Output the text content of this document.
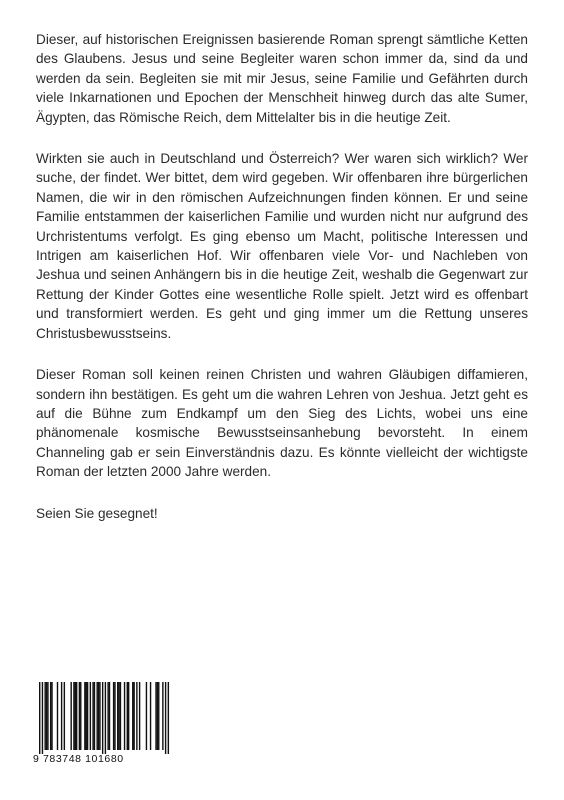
Dieser, auf historischen Ereignissen basierende Roman sprengt sämtliche Ketten des Glaubens. Jesus und seine Begleiter waren schon immer da, sind da und werden da sein. Begleiten sie mit mir Jesus, seine Familie und Gefährten durch viele Inkarnationen und Epochen der Menschheit hinweg durch das alte Sumer, Ägypten, das Römische Reich, dem Mittelalter bis in die heutige Zeit.

Wirkten sie auch in Deutschland und Österreich? Wer waren sich wirklich? Wer suche, der findet. Wer bittet, dem wird gegeben. Wir offenbaren ihre bürgerlichen Namen, die wir in den römischen Aufzeichnungen finden können. Er und seine Familie entstammen der kaiserlichen Familie und wurden nicht nur aufgrund des Urchristentums verfolgt. Es ging ebenso um Macht, politische Interessen und Intrigen am kaiserlichen Hof. Wir offenbaren viele Vor- und Nachleben von Jeshua und seinen Anhängern bis in die heutige Zeit, weshalb die Gegenwart zur Rettung der Kinder Gottes eine wesentliche Rolle spielt. Jetzt wird es offenbart und transformiert werden. Es geht und ging immer um die Rettung unseres Christusbewusstseins.

Dieser Roman soll keinen reinen Christen und wahren Gläubigen diffamieren, sondern ihn bestätigen. Es geht um die wahren Lehren von Jeshua. Jetzt geht es auf die Bühne zum Endkampf um den Sieg des Lichts, wobei uns eine phänomenale kosmische Bewusstseinsanhebung bevorsteht. In einem Channeling gab er sein Einverständnis dazu. Es könnte vielleicht der wichtigste Roman der letzten 2000 Jahre werden.

Seien Sie gesegnet!

9 783748 101680
